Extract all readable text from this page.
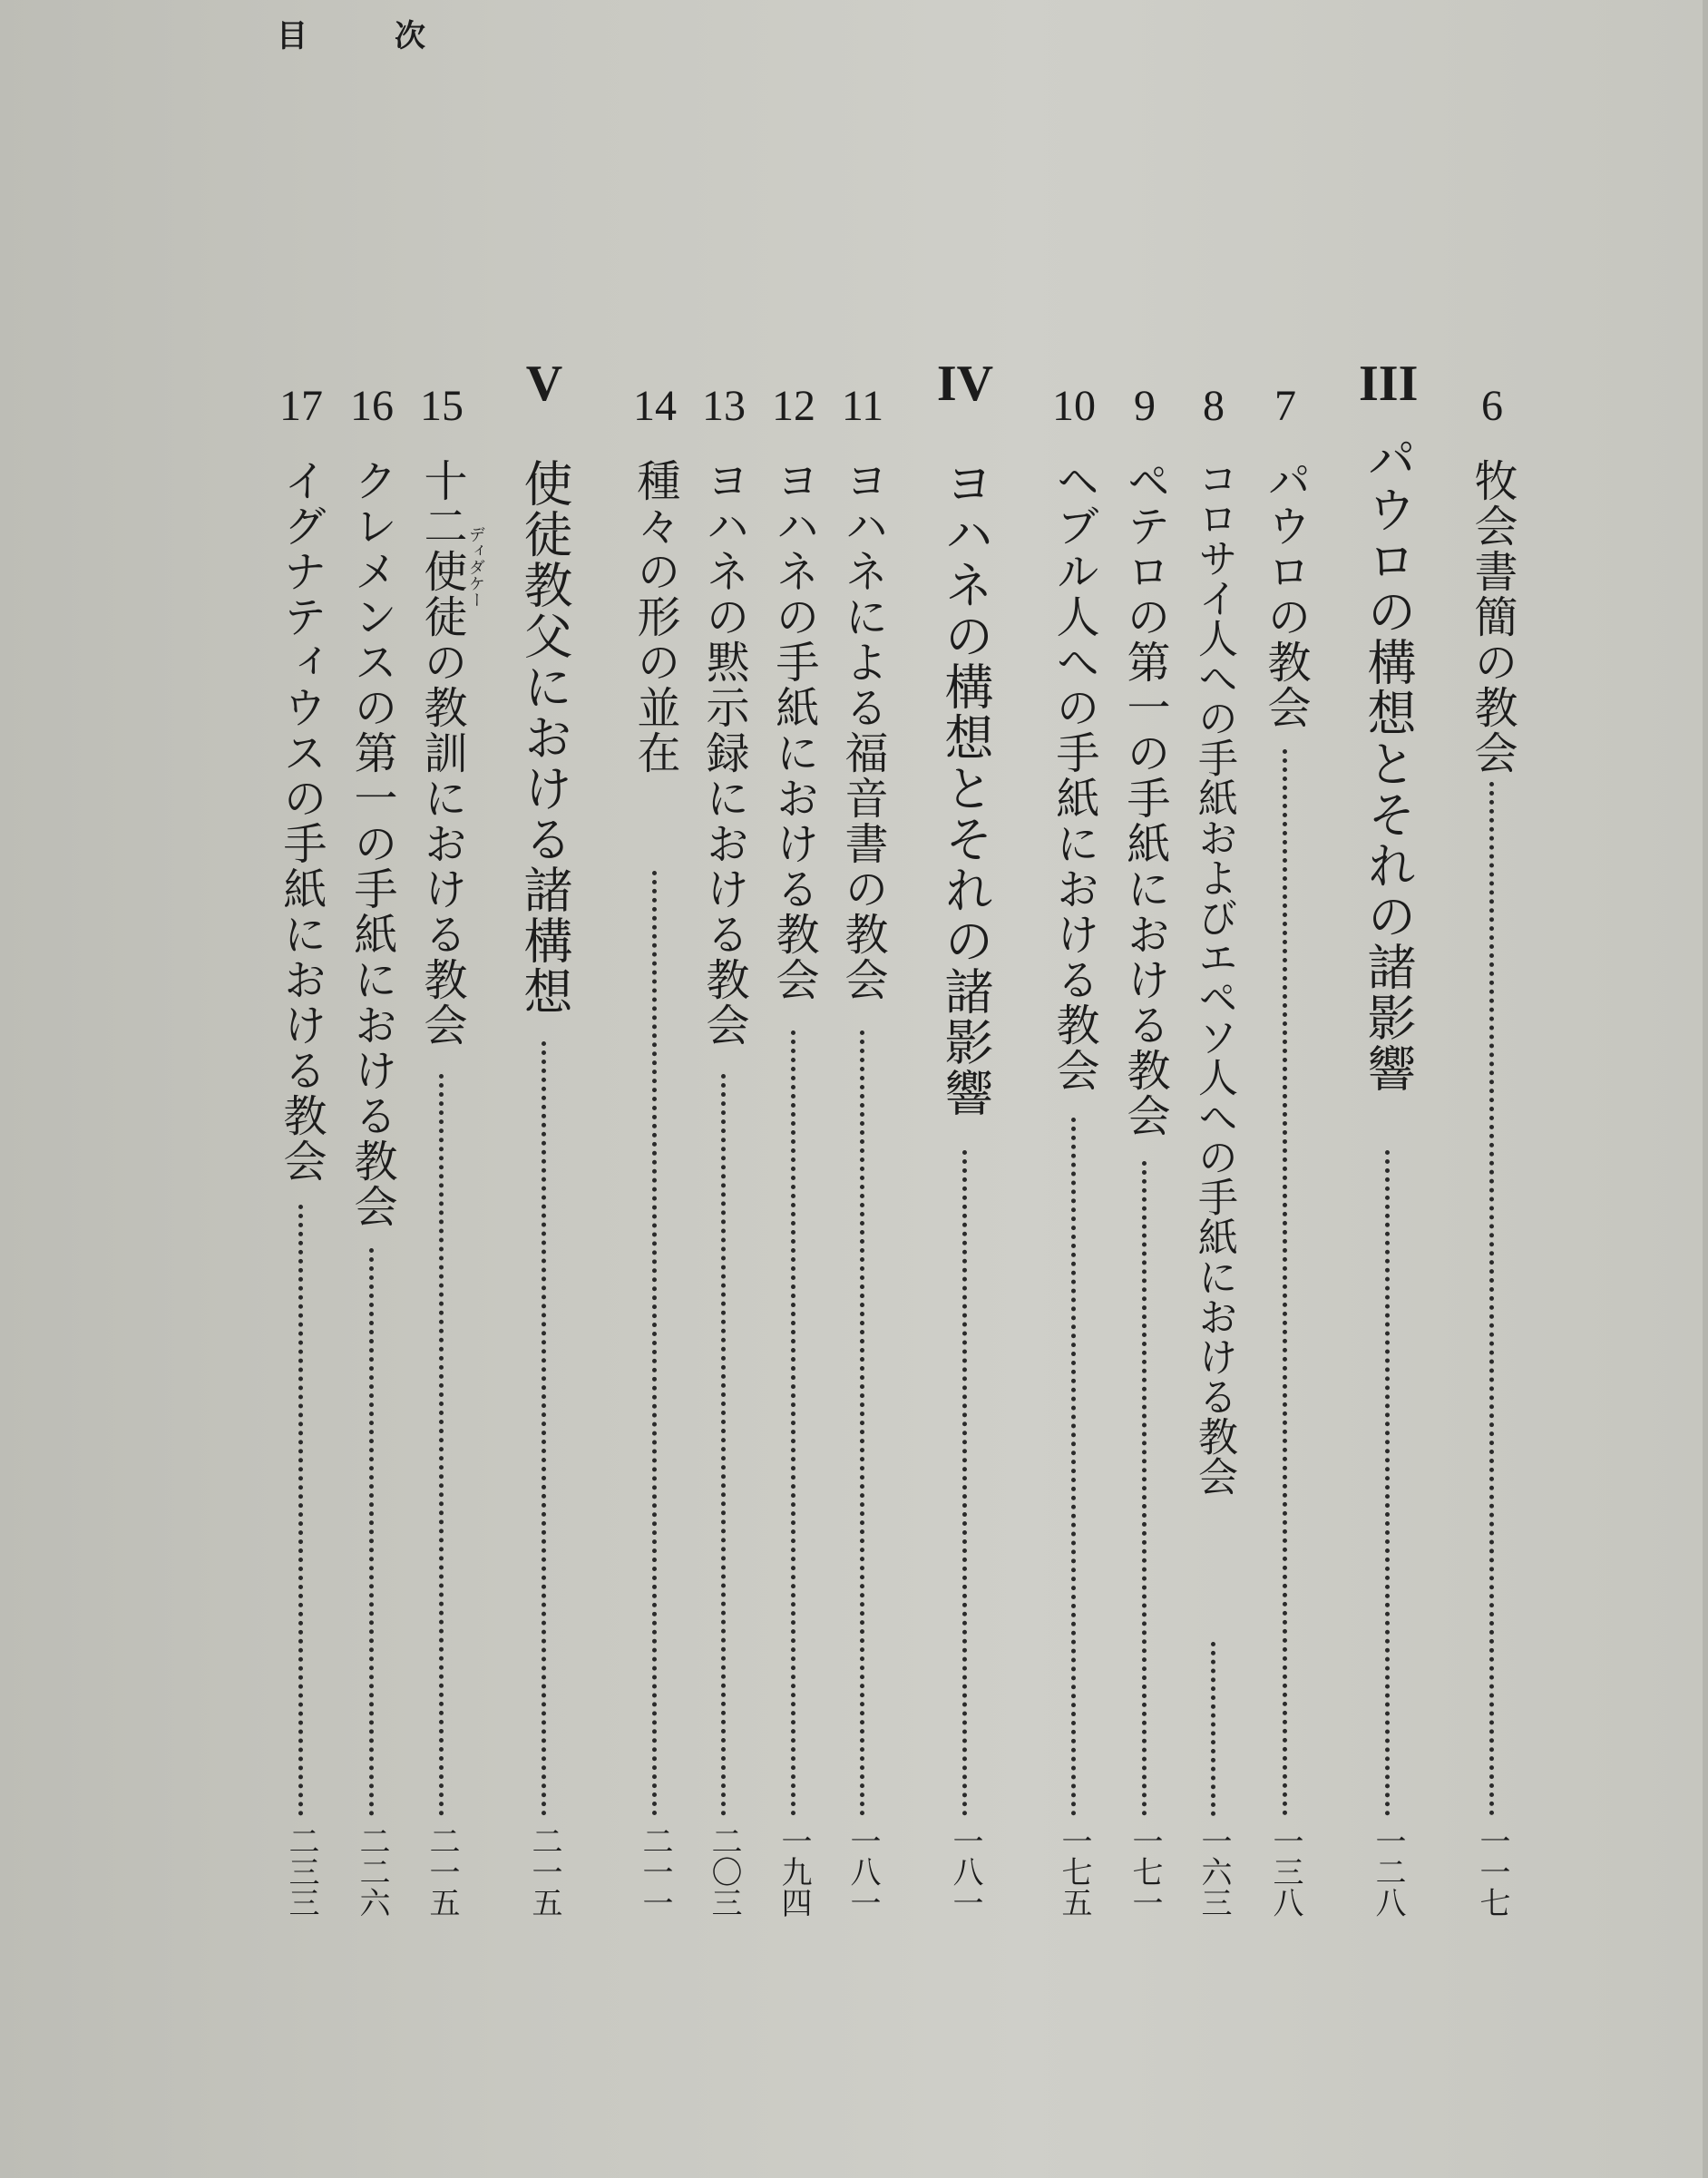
目次
6
牧会書簡の教会
一一七
III
パウロの構想とそれの諸影響
一二八
7
パウロの教会
一三八
8
コロサイ人への手紙およびエペソ人への手紙における教会
一六三
9
ペテロの第一の手紙における教会
一七一
10
ヘブル人への手紙における教会
一七五
IV
ヨハネの構想とそれの諸影響
一八一
11
ヨハネによる福音書の教会
一八一
12
ヨハネの手紙における教会
一九四
13
ヨハネの黙示録における教会
二〇三
14
種々の形の並在
二一一
V
使徒教父における諸構想
二一五
15
ディダケー
十二使徒の教訓における教会
二一五
16
クレメンスの第一の手紙における教会
二二六
17
イグナティウスの手紙における教会
二三三
